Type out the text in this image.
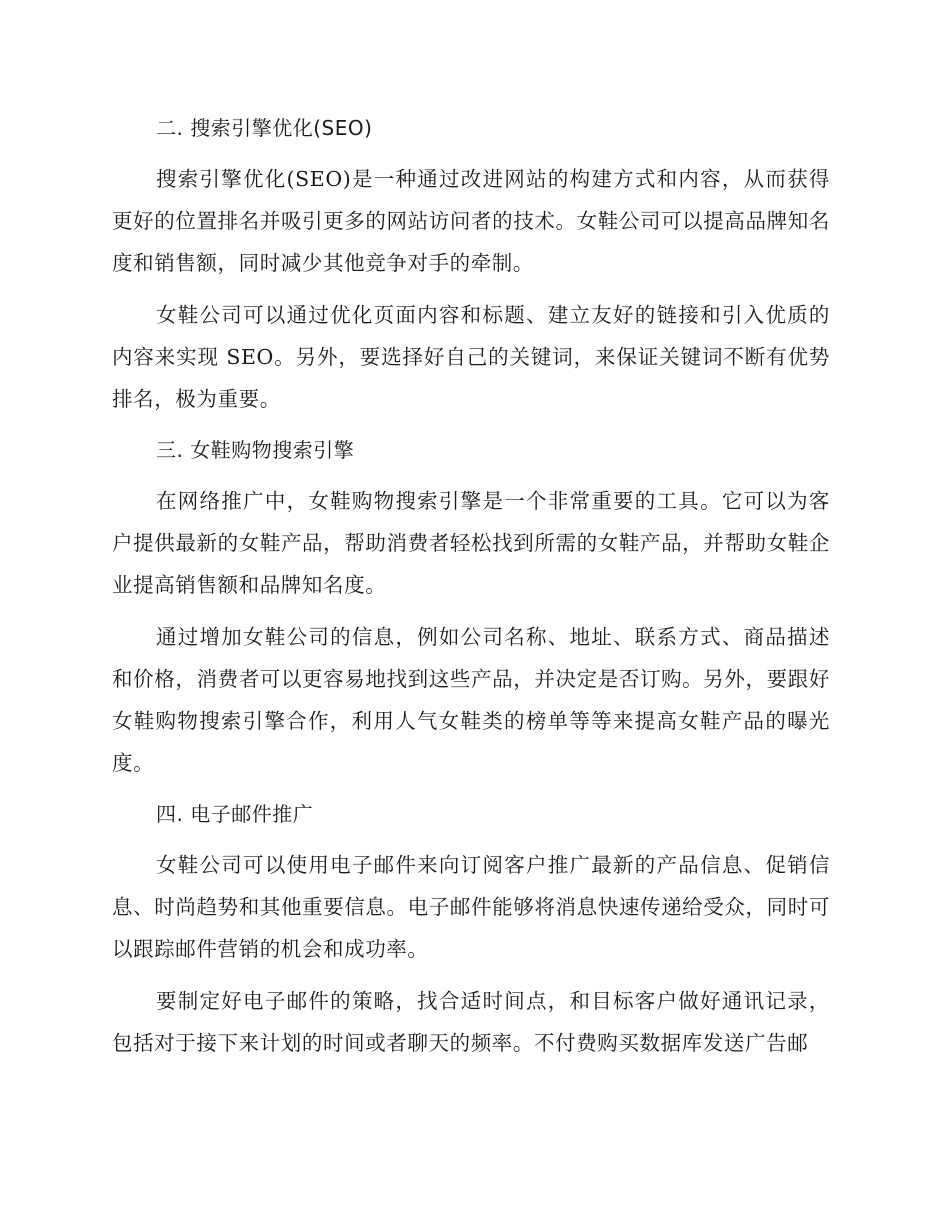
二. 搜索引擎优化(SEO)

搜索引擎优化(SEO)是一种通过改进网站的构建方式和内容，从而获得更好的位置排名并吸引更多的网站访问者的技术。女鞋公司可以提高品牌知名度和销售额，同时减少其他竞争对手的牵制。

女鞋公司可以通过优化页面内容和标题、建立友好的链接和引入优质的内容来实现 SEO。另外，要选择好自己的关键词，来保证关键词不断有优势排名，极为重要。

三. 女鞋购物搜索引擎

在网络推广中，女鞋购物搜索引擎是一个非常重要的工具。它可以为客户提供最新的女鞋产品，帮助消费者轻松找到所需的女鞋产品，并帮助女鞋企业提高销售额和品牌知名度。

通过增加女鞋公司的信息，例如公司名称、地址、联系方式、商品描述和价格，消费者可以更容易地找到这些产品，并决定是否订购。另外，要跟好女鞋购物搜索引擎合作，利用人气女鞋类的榜单等等来提高女鞋产品的曝光度。

四. 电子邮件推广

女鞋公司可以使用电子邮件来向订阅客户推广最新的产品信息、促销信息、时尚趋势和其他重要信息。电子邮件能够将消息快速传递给受众，同时可以跟踪邮件营销的机会和成功率。

要制定好电子邮件的策略，找合适时间点，和目标客户做好通讯记录，包括对于接下来计划的时间或者聊天的频率。不付费购买数据库发送广告邮
